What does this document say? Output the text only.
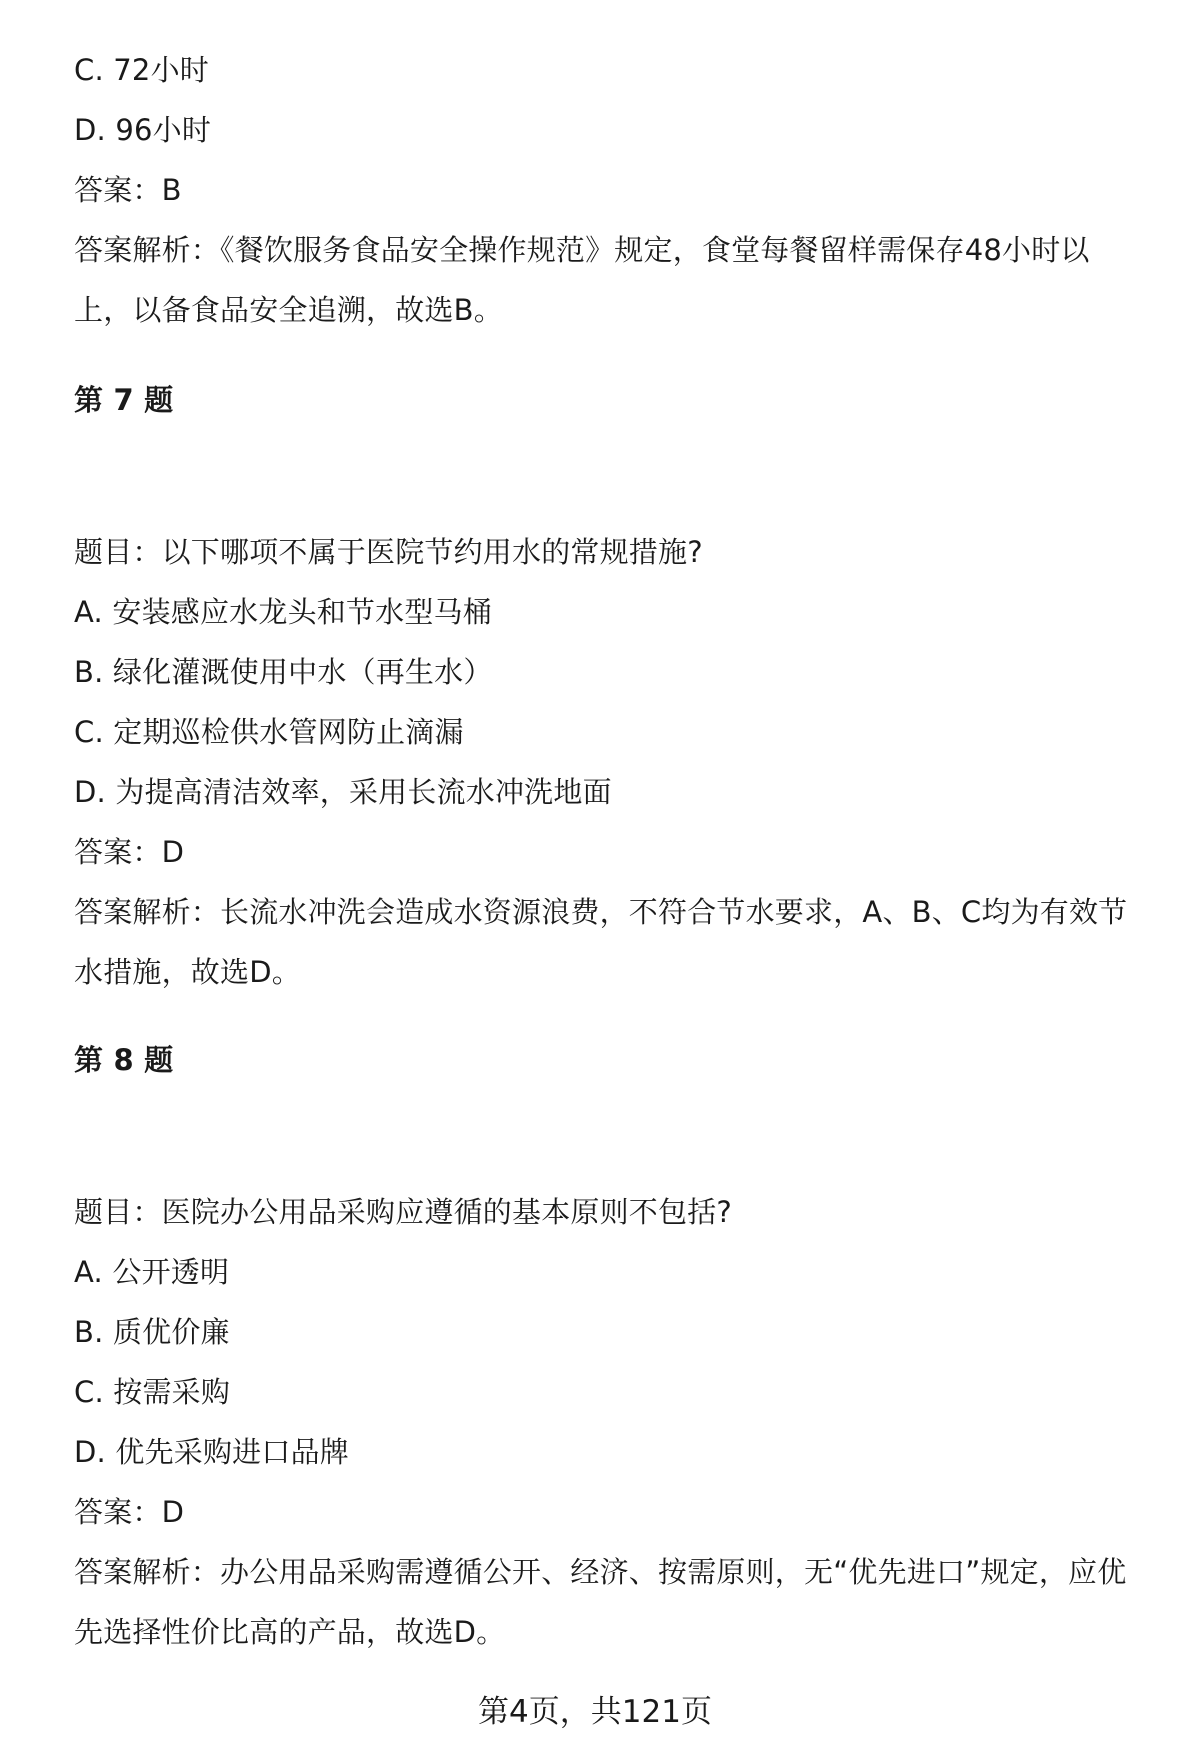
C. 72小时
D. 96小时
答案：B
答案解析：《餐饮服务食品安全操作规范》规定，食堂每餐留样需保存48小时以
上，以备食品安全追溯，故选B。
第 7 题
题目：以下哪项不属于医院节约用水的常规措施?
A. 安装感应水龙头和节水型马桶
B. 绿化灌溉使用中水（再生水）
C. 定期巡检供水管网防止滴漏
D. 为提高清洁效率，采用长流水冲洗地面
答案：D
答案解析：长流水冲洗会造成水资源浪费，不符合节水要求，A、B、C均为有效节
水措施，故选D。
第 8 题
题目：医院办公用品采购应遵循的基本原则不包括?
A. 公开透明
B. 质优价廉
C. 按需采购
D. 优先采购进口品牌
答案：D
答案解析：办公用品采购需遵循公开、经济、按需原则，无“优先进口”规定，应优
先选择性价比高的产品，故选D。
第4页，共121页
